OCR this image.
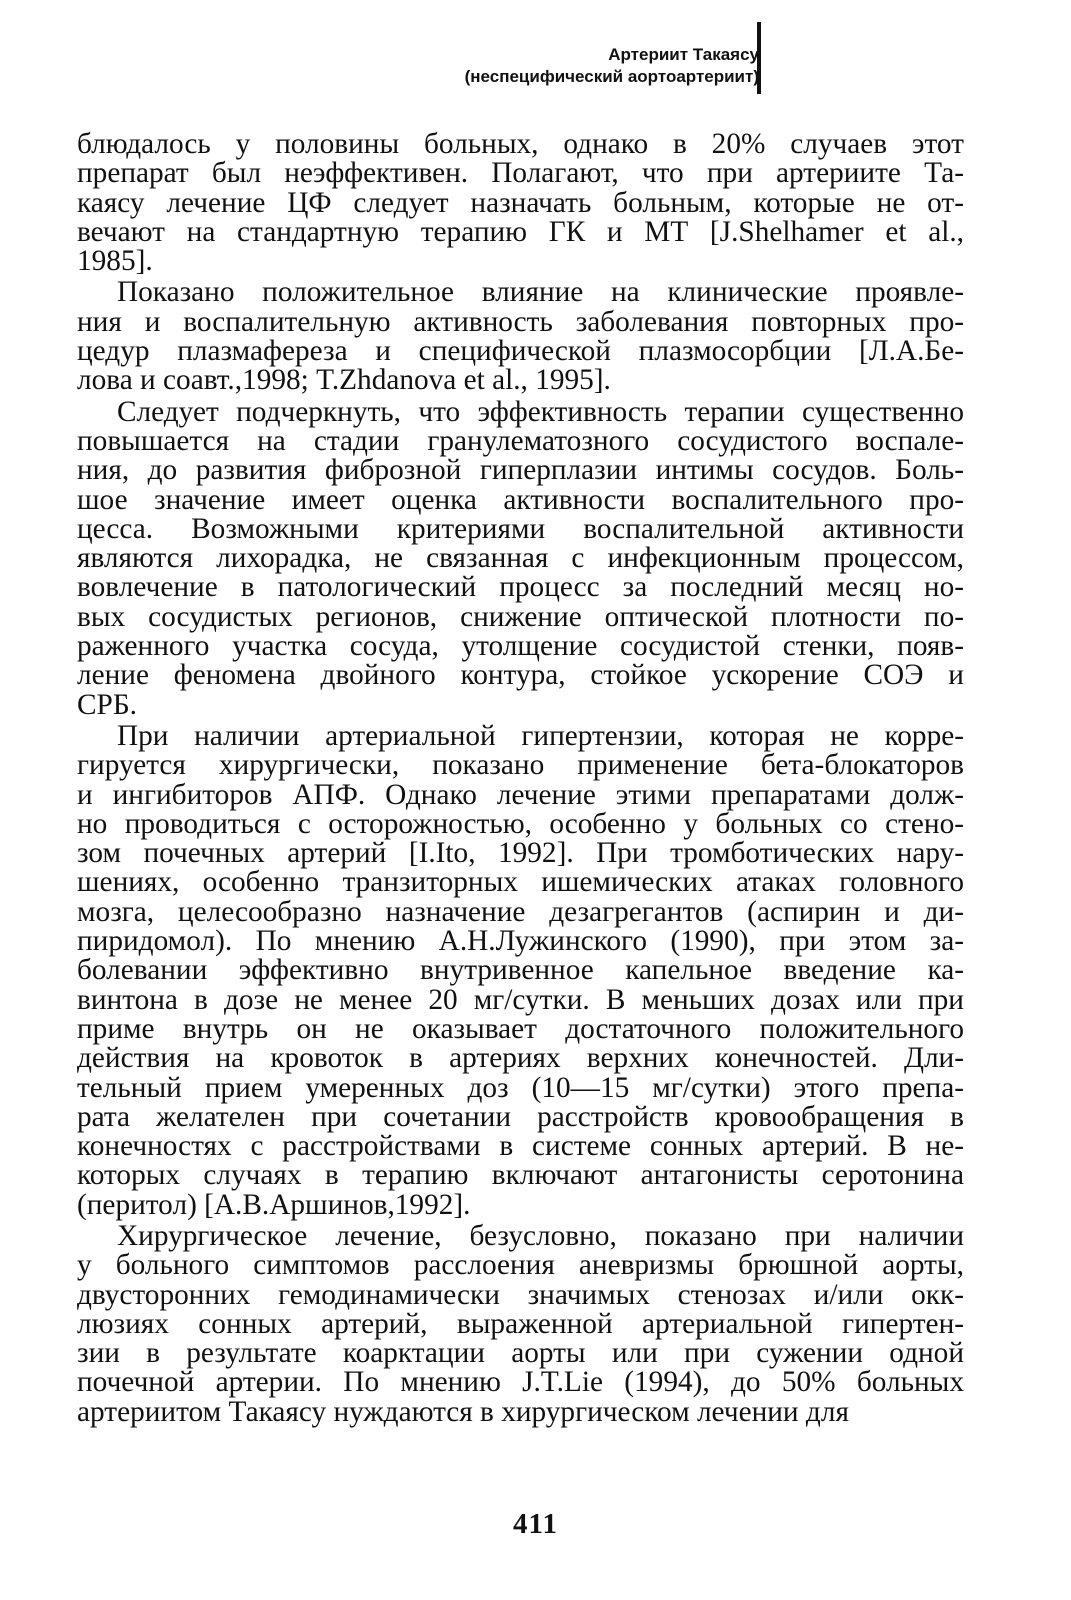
Артериит Такаясу
(неспецифический аортоартериит)
блюдалось у половины больных, однако в 20% случаев этот
препарат был неэффективен. Полагают, что при артериите Та-
каясу лечение ЦФ следует назначать больным, которые не от-
вечают на стандартную терапию ГК и МТ [J.Shelhamer et al.,
1985].
Показано положительное влияние на клинические проявле-
ния и воспалительную активность заболевания повторных про-
цедур плазмафереза и специфической плазмосорбции [Л.А.Бе-
лова и соавт.,1998; T.Zhdanova et al., 1995].
Следует подчеркнуть, что эффективность терапии существенно
повышается на стадии гранулематозного сосудистого воспале-
ния, до развития фиброзной гиперплазии интимы сосудов. Боль-
шое значение имеет оценка активности воспалительного про-
цесса. Возможными критериями воспалительной активности
являются лихорадка, не связанная с инфекционным процессом,
вовлечение в патологический процесс за последний месяц но-
вых сосудистых регионов, снижение оптической плотности по-
раженного участка сосуда, утолщение сосудистой стенки, появ-
ление феномена двойного контура, стойкое ускорение СОЭ и
СРБ.
При наличии артериальной гипертензии, которая не корре-
гируется хирургически, показано применение бета-блокаторов
и ингибиторов АПФ. Однако лечение этими препаратами долж-
но проводиться с осторожностью, особенно у больных со стено-
зом почечных артерий [I.Ito, 1992]. При тромботических нару-
шениях, особенно транзиторных ишемических атаках головного
мозга, целесообразно назначение дезагрегантов (аспирин и ди-
пиридомол). По мнению А.Н.Лужинского (1990), при этом за-
болевании эффективно внутривенное капельное введение ка-
винтона в дозе не менее 20 мг/сутки. В меньших дозах или при
приме внутрь он не оказывает достаточного положительного
действия на кровоток в артериях верхних конечностей. Дли-
тельный прием умеренных доз (10—15 мг/сутки) этого препа-
рата желателен при сочетании расстройств кровообращения в
конечностях с расстройствами в системе сонных артерий. В не-
которых случаях в терапию включают антагонисты серотонина
(перитол) [А.В.Аршинов,1992].
Хирургическое лечение, безусловно, показано при наличии
у больного симптомов расслоения аневризмы брюшной аорты,
двусторонних гемодинамически значимых стенозах и/или окк-
люзиях сонных артерий, выраженной артериальной гипертен-
зии в результате коарктации аорты или при сужении одной
почечной артерии. По мнению J.T.Lie (1994), до 50% больных
артериитом Такаясу нуждаются в хирургическом лечении для
411
